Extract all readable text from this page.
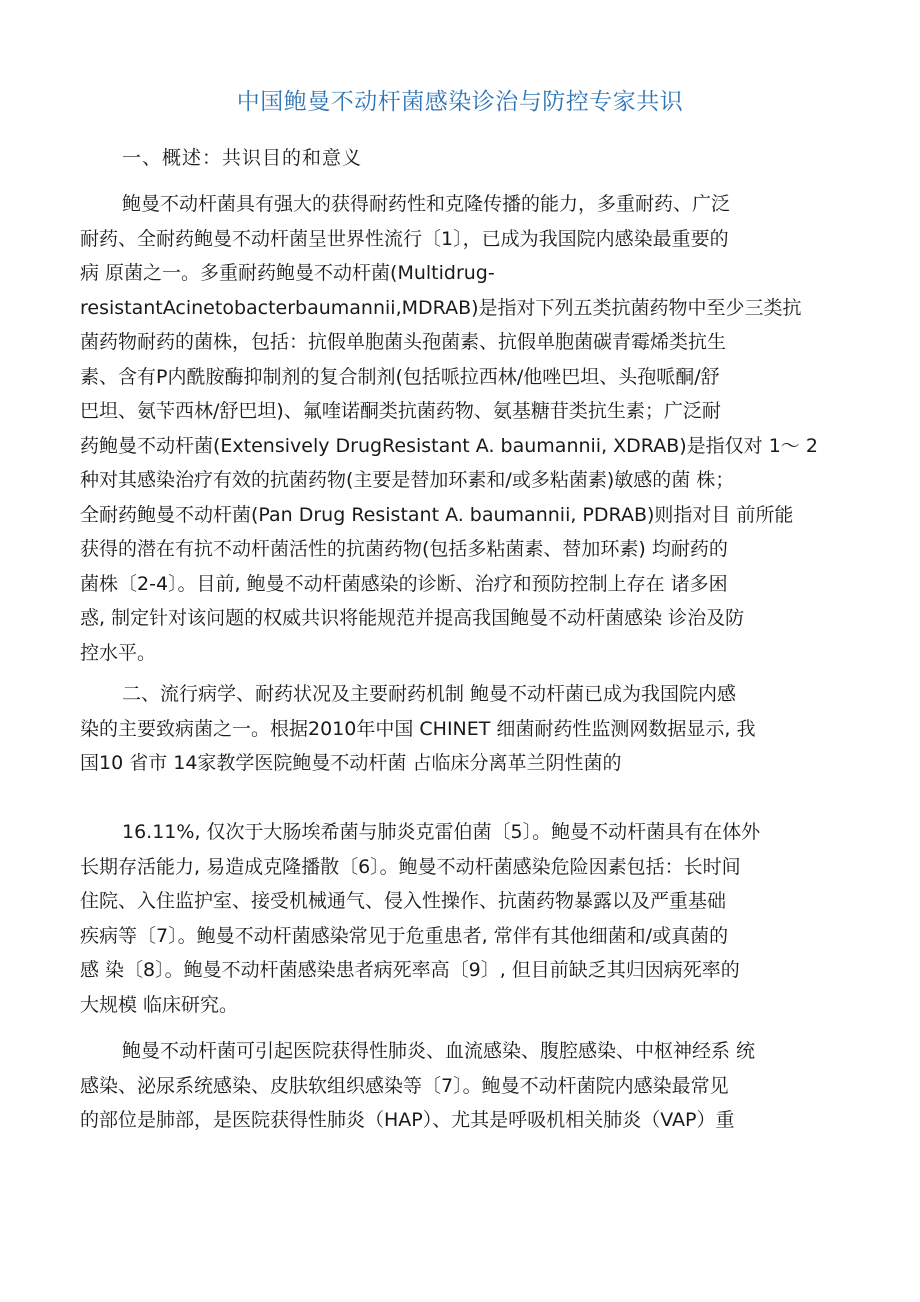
中国鲍曼不动杆菌感染诊治与防控专家共识
一、概述：共识目的和意义
鲍曼不动杆菌具有强大的获得耐药性和克隆传播的能力，多重耐药、广泛
耐药、全耐药鲍曼不动杆菌呈世界性流行〔1〕，已成为我国院内感染最重要的
病 原菌之一。多重耐药鲍曼不动杆菌(Multidrug-
resistantAcinetobacterbaumannii,MDRAB)是指对下列五类抗菌药物中至少三类抗
菌药物耐药的菌株，包括：抗假单胞菌头孢菌素、抗假单胞菌碳青霉烯类抗生
素、含有P内酰胺酶抑制剂的复合制剂(包括哌拉西林/他唑巴坦、头孢哌酮/舒
巴坦、氨苄西林/舒巴坦)、氟喹诺酮类抗菌药物、氨基糖苷类抗生素；广泛耐
药鲍曼不动杆菌(Extensively DrugResistant A. baumannii, XDRAB)是指仅对 1〜 2
种对其感染治疗有效的抗菌药物(主要是替加环素和/或多粘菌素)敏感的菌 株；
全耐药鲍曼不动杆菌(Pan Drug Resistant A. baumannii, PDRAB)则指对目 前所能
获得的潜在有抗不动杆菌活性的抗菌药物(包括多粘菌素、替加环素) 均耐药的
菌株〔2-4〕。目前, 鲍曼不动杆菌感染的诊断、治疗和预防控制上存在 诸多困
惑, 制定针对该问题的权威共识将能规范并提高我国鲍曼不动杆菌感染 诊治及防
控水平。
二、流行病学、耐药状况及主要耐药机制 鲍曼不动杆菌已成为我国院内感
染的主要致病菌之一。根据2010年中国 CHINET 细菌耐药性监测网数据显示, 我
国10 省市 14家教学医院鲍曼不动杆菌 占临床分离革兰阴性菌的
16.11%, 仅次于大肠埃希菌与肺炎克雷伯菌〔5〕。鲍曼不动杆菌具有在体外
长期存活能力, 易造成克隆播散〔6〕。鲍曼不动杆菌感染危险因素包括：长时间
住院、入住监护室、接受机械通气、侵入性操作、抗菌药物暴露以及严重基础
疾病等〔7〕。鲍曼不动杆菌感染常见于危重患者, 常伴有其他细菌和/或真菌的
感 染〔8〕。鲍曼不动杆菌感染患者病死率高〔9〕, 但目前缺乏其归因病死率的
大规模 临床研究。
鲍曼不动杆菌可引起医院获得性肺炎、血流感染、腹腔感染、中枢神经系 统
感染、泌尿系统感染、皮肤软组织感染等〔7〕。鲍曼不动杆菌院内感染最常见
的部位是肺部，是医院获得性肺炎（HAP）、尤其是呼吸机相关肺炎（VAP）重
